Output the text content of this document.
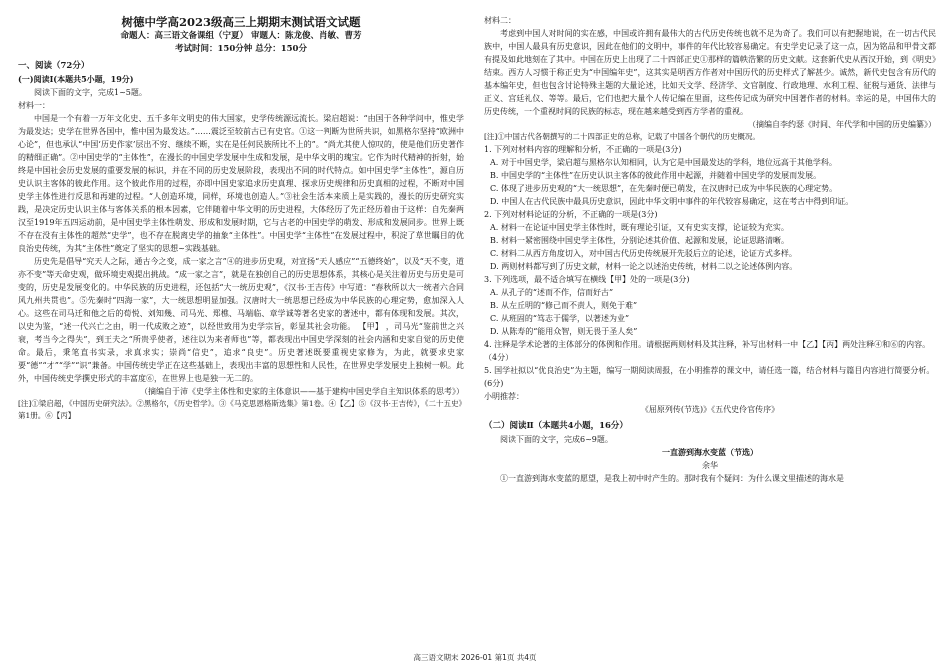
树德中学高2023级高三上期期末测试语文试题
命题人：高三语文备课组（宁夏） 审题人：陈龙俊、肖敏、曹芳
考试时间：150分钟 总分：150分
一、阅读（72分）
(一)阅读Ⅰ(本题共5小题，19分)
阅读下面的文字，完成1~5题。
材料一：
中国是一个有着一万年文化史、五千多年文明史的伟大国家，史学传统源远流长。梁启超说：“由国于各种学问中，惟史学为最发达；史学在世界各国中，惟中国为最发达。”……震泛至较前古已有史官。①这一判断为世所共识，如黑格尔坚持“欧洲中心论”，但也承认“中国‘历史作家’层出不穷、继续不断，实在是任何民族所比不上的”。“尚尤其使人惊叹的，使是他们历史著作的精细正确”。②中国史学的“主体性”，在漫长的中国史学发展中生成和发展，是中华文明的瑰宝。它作为时代精神的折射，始终是中国社会历史发展的重要发展的标识，并在不同的历史发展阶段，表现出不同的时代特点。如中国史学“主体性”，源自历史认识主客体的彼此作用。这个彼此作用的过程，亦即中国史家追求历史真理、探求历史规律和历史真相的过程，不断对中国史学主体性进行反思和再建的过程。“人创造环境，同样，环境也创造人。”③社会生活本来质上是实践的，漫长的历史研究实践，是决定历史认识主体与客体关系的根本因素，它伴随着中华文明的历史进程，大体经历了先正经历着由于这样：自先秦两汉至1919年五四运动前，是中国史学主体性萌发、形成和发展时期，它与古老的中国史学的萌发、形成和发展同步。世界上既不存在没有主体性的超然“史学”，也不存在脱离史学的抽象“主体性”。中国史学“主体性”在发展过程中，积淀了草世瞩目的优良治史传统，为其“主体性”奠定了坚实的思想~实践基础。
历史先是倡导“究天人之际，通古今之变，成一家之言”④的进步历史观，对宣扬“天人感应”“五德终始”，以及“天不变，道亦不变”等天命史观，做环境史观提出挑战。“成一家之言”，就是在独创自己的历史思想体系，其核心是关注着历史与历史是可变的，历史是发展变化的。中华民族的历史进程，还包括“大一统历史观”，《汉书·王吉传》中写道：“春秋所以大一统者六合同风九州共贯也”。⑤先秦时“四海一家”，大一统思想明显加强。汉唐时大一统思想已经成为中华民族的心理定势，愈加深入人心。这些在司马迁和他之后的荀悦、刘知幾、司马光、郑樵、马端临、章学诚等著名史家的著述中，都有体现和发展。其次，以史为鉴，“述一代兴亡之由，明一代成败之迹”，以经世致用为史学宗旨，彰显其社会功能。 【甲】 ，司马光“鉴前世之兴衰，考当今之得失”，到王夫之“所贵乎使者，述往以为来者师也”等，都表现出中国史学深刻的社会内涵和史家自觉的历史使命。最后，秉笔直书实录，求真求实；崇尚“信史”，追求“良史”。历史著述既要重视史家修为，为此，就要求史家要“德”“才”“学”“识”兼备。中国传统史学正在这些基础上，表现出丰富的思想性和人民性，在世界史学发展史上独树一帜。此外，中国传统史学撰史形式的丰富度⑥，在世界上也是独一无二的。
（摘编自于沛《史学主体性和史家的主体意识——基于建构中国史学自主知识体系的思考》）
[注]①梁启超，《中国历史研究法》。②黑格尔，《历史哲学》。③《马克思恩格斯选集》第1卷。④【乙】⑤《汉书·王吉传》，《二十五史》第1册。⑥【丙】
材料二：
考虑到中国人对时间的实在感，中国或许拥有最伟大的古代历史传统也就不足为奇了。我们可以有把握地说，在一切古代民族中，中国人最具有历史意识，因此在他们的文明中，事件的年代比较容易确定。有史学史记录了这一点，因为铭品和甲骨文都有提及如此地刻在了其中。中国在历史上出现了二十四部正史①那样的篇帙浩繁的历史文献。这套新代史从西汉开始，到《明史》结束。西方人习惯于称正史为“中国编年史”，这其实是明西方作者对中国历代的历史样式了解甚少。诚然，新代史包含有历代的基本编年史，但也包含讨论特殊主题的大量论述，比如天文学、经济学、文官制度、行政地理、水利工程、征税与通货、法律与正义、宫廷礼仪、等等。最后，它们也把大量个人传记编在里面，这些传记成为研究中国著作者的材料。幸运的是，中国伟大的历史传统，一个重视时间的民族的标志，现在越来越受到西方学者的重视。
（摘编自李约瑟《时间、年代学和中国的历史编纂》）
[注]①中国古代各朝撰写的二十四部正史的总称，记载了中国各个朝代的历史概况。
1. 下列对材料内容的理解和分析，不正确的一项是(3分)
A. 对于中国史学，梁启超与黑格尔认知相同，认为它是中国最发达的学科，地位远高于其他学科。
B. 中国史学的“主体性”在历史认识主客体的彼此作用中起源，并随着中国史学的发展而发展。
C. 体现了进步历史观的“大一统思想”，在先秦时便已萌发，在汉唐时已成为中华民族的心理定势。
D. 中国人在古代民族中最具历史意识，因此中华文明中事件的年代较容易确定，这在考古中得到印证。
2. 下列对材料论证的分析，不正确的一项是(3分)
A. 材料一在论证中国史学主体性时，既有理论引证，又有史实支撑，论证较为充实。
B. 材料一紧密围绕中国史学主体性，分别论述其价值、起源和发展，论证思路清晰。
C. 材料二从西方角度切入，对中国古代历史传统展开先驳后立的论述，论证方式多样。
D. 两则材料都写到了历史文献，材料一论之以述治史传统，材料二以之论述体例内容。
3. 下列选项，最不适合填写在横线【甲】处的一项是(3分)
A. 从孔子的“述而不作，信而好古”
B. 从左丘明的“修己而不责人，则免于难”
C. 从班固的“笃志于儒学，以著述为业”
D. 从陈寿的“能用众智，则无畏于圣人矣”
4. 注释是学术论著的主体部分的体例和作用。请根据两则材料及其注释，补写出材料一中【乙】【丙】两处注释④和⑥的内容。（4分）
5. 国学社拟以“优良治史”为主题，编写一期阅读周报，在小明推荐的课文中，请任选一篇，结合材料与篇目内容进行简要分析。(6分)
小明推荐：
《屈原列传(节选)》《五代史伶官传序》
（二）阅读Ⅱ（本题共4小题，16分）
阅读下面的文字，完成6~9题。
一直游到海水变蓝（节选）
余华
①一直游到海水变蓝的愿望，是我上初中时产生的。那时我有个疑问：为什么课文里描述的海水是
高三语文期末 2026-01 第1页 共4页
